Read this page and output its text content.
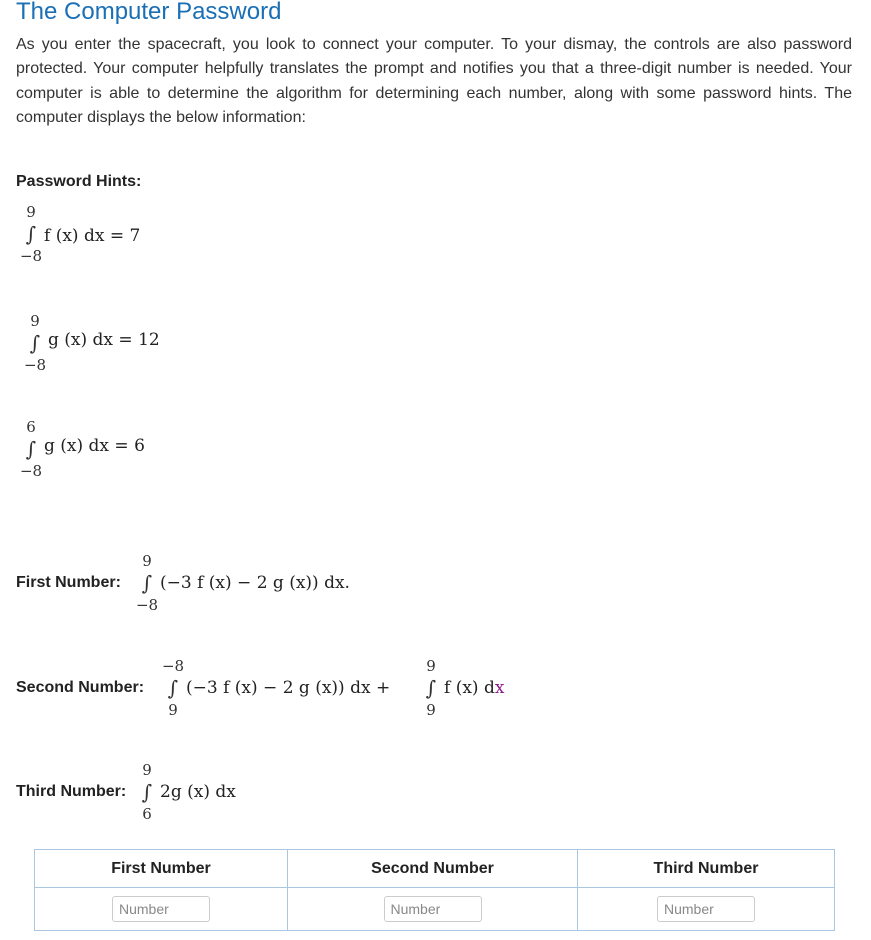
The Computer Password

As you enter the spacecraft, you look to connect your computer. To your dismay, the controls are also password protected. Your computer helpfully translates the prompt and notifies you that a three-digit number is needed. Your computer is able to determine the algorithm for determining each number, along with some password hints. The computer displays the below information:

Password Hints:
9
∫
−8
f (x) dx = 7
9
∫
−8
g (x) dx = 12
6
∫
−8
g (x) dx = 6
First Number:
9
∫
−8
(−3 f (x) − 2 g (x)) dx.
Second Number:
−8
∫
9
(−3 f (x) − 2 g (x)) dx +
9
∫
9
f (x) dx
Third Number:
9
∫
6
2g (x) dx
First Number	Second Number	Third Number
Number	Number	Number
